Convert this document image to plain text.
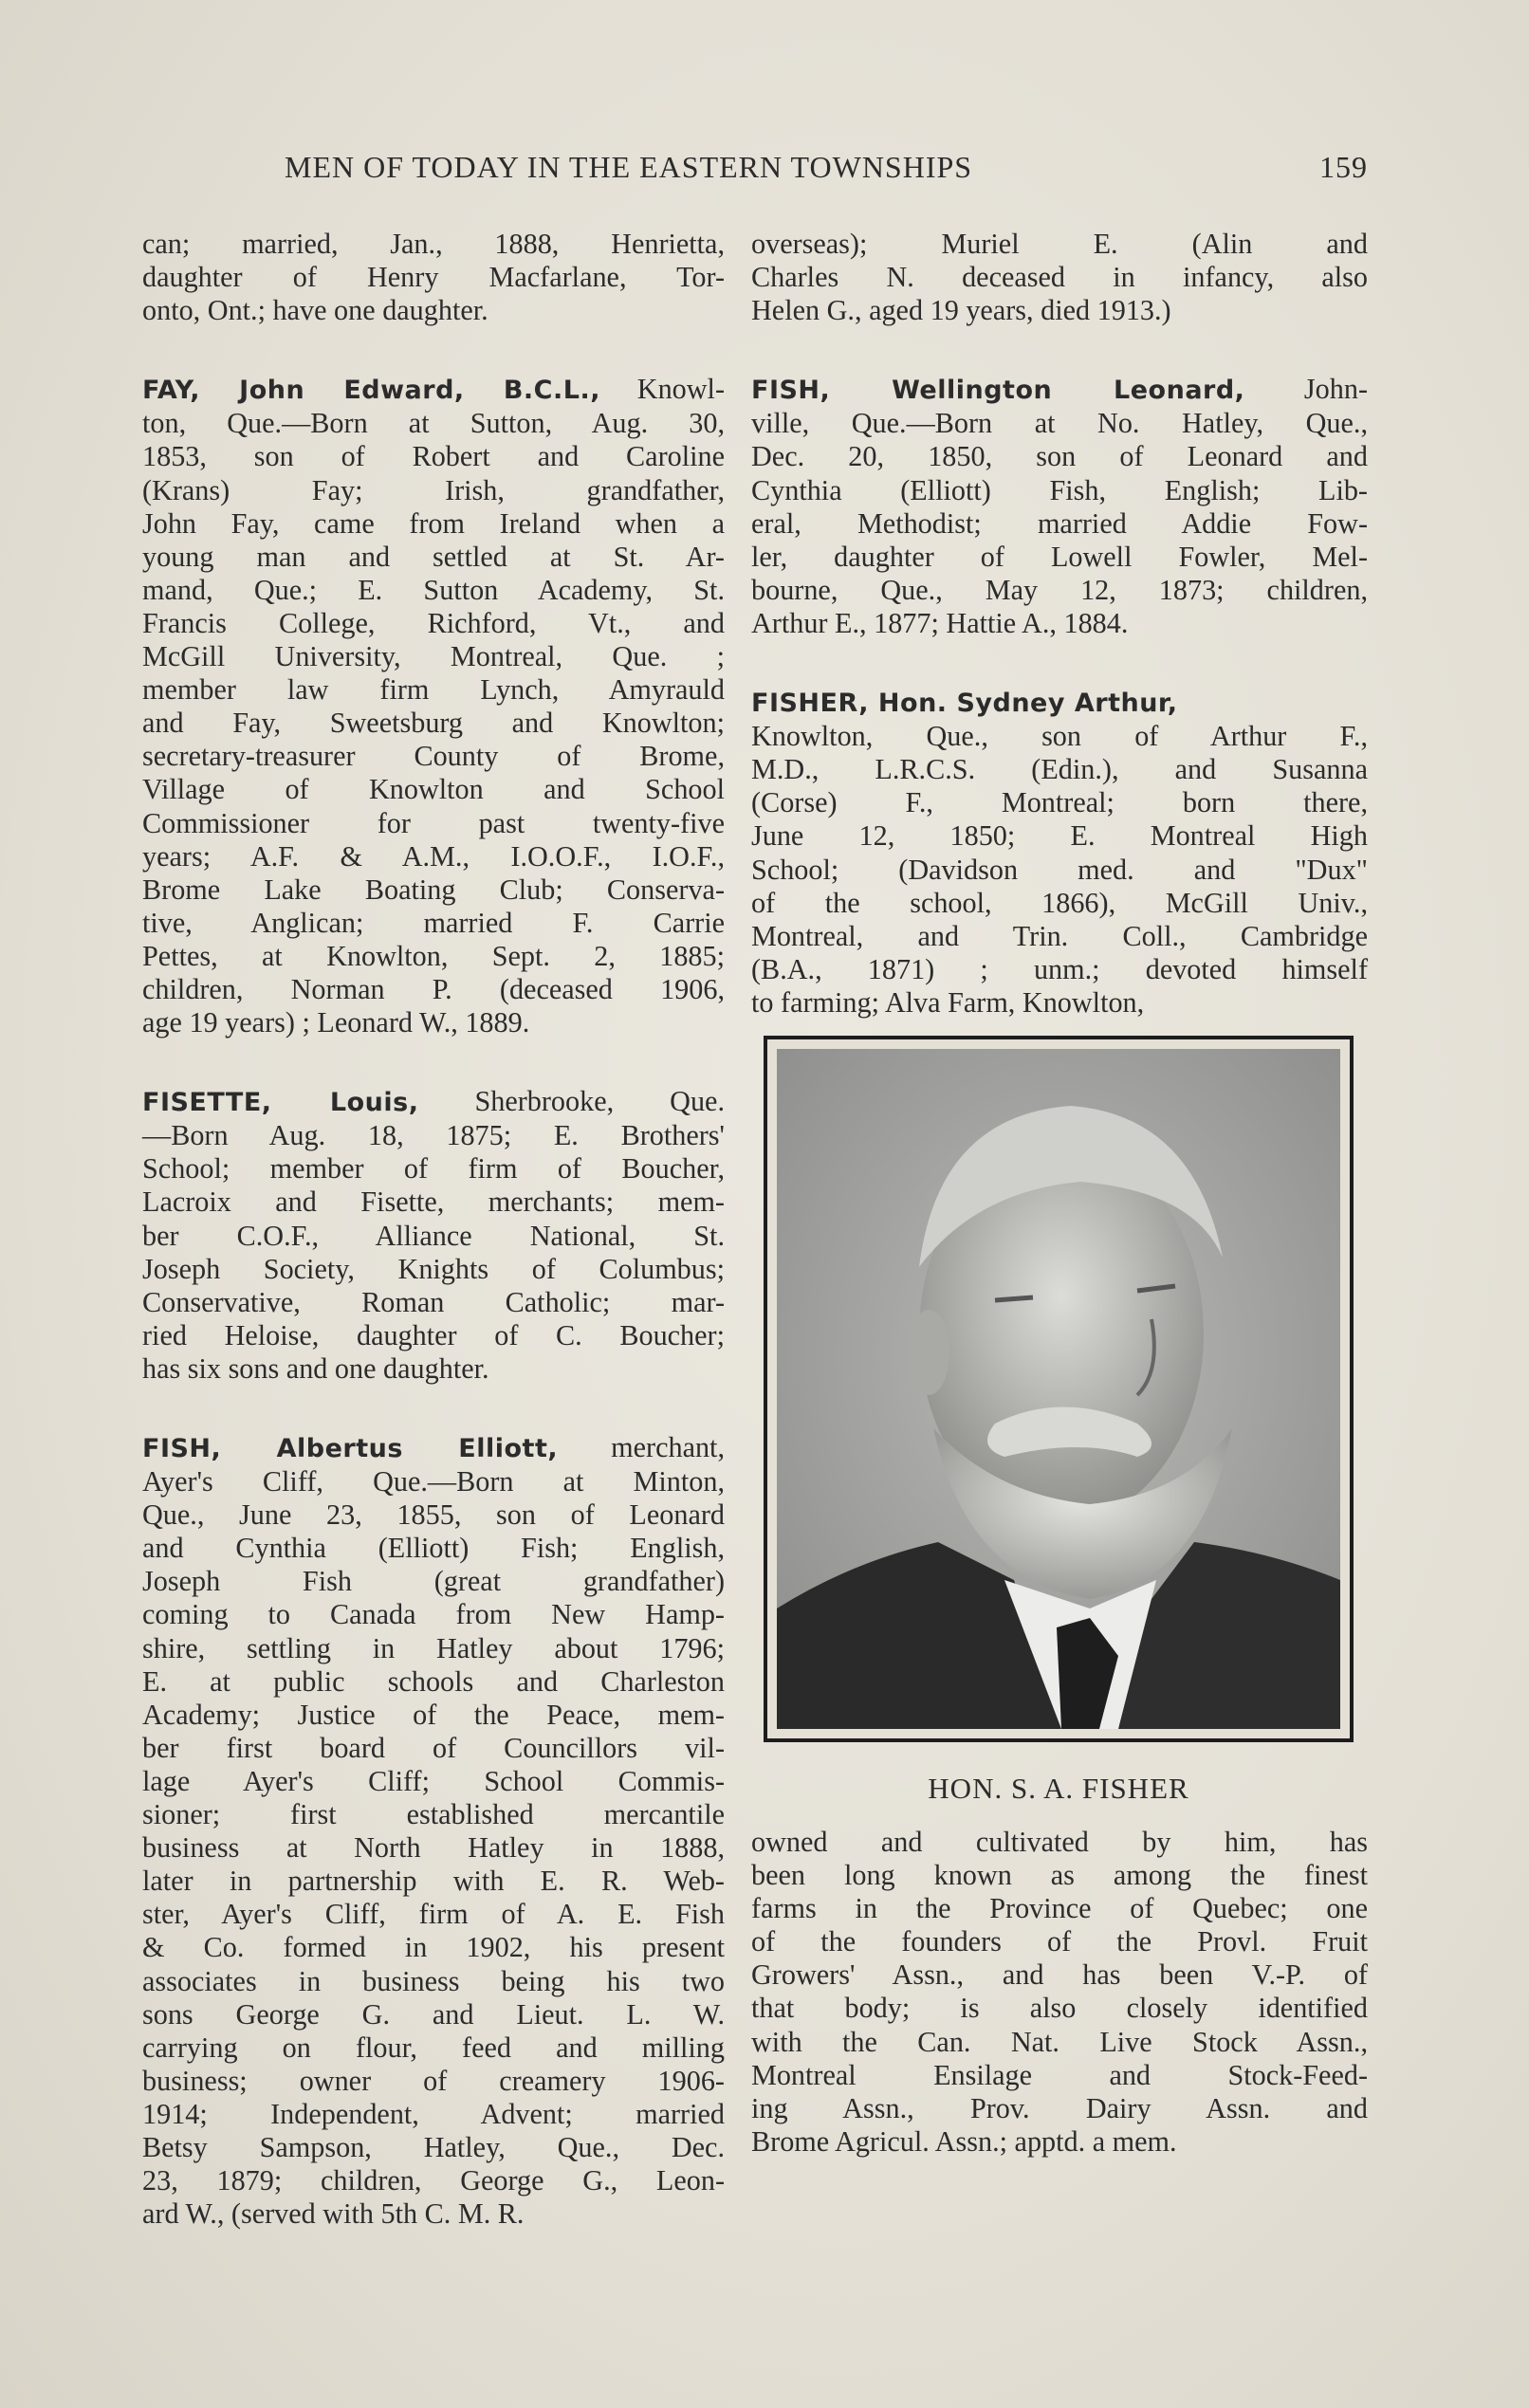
MEN OF TODAY IN THE EASTERN TOWNSHIPS	159
can; married, Jan., 1888, Henrietta,
daughter of Henry Macfarlane, Tor-
onto, Ont.; have one daughter.
FAY, John Edward, B.C.L., Knowl-
ton, Que.—Born at Sutton, Aug. 30,
1853, son of Robert and Caroline
(Krans) Fay; Irish, grandfather,
John Fay, came from Ireland when a
young man and settled at St. Ar-
mand, Que.; E. Sutton Academy, St.
Francis College, Richford, Vt., and
McGill University, Montreal, Que. ;
member law firm Lynch, Amyrauld
and Fay, Sweetsburg and Knowlton;
secretary-treasurer County of Brome,
Village of Knowlton and School
Commissioner for past twenty-five
years; A.F. & A.M., I.O.O.F., I.O.F.,
Brome Lake Boating Club; Conserva-
tive, Anglican; married F. Carrie
Pettes, at Knowlton, Sept. 2, 1885;
children, Norman P. (deceased 1906,
age 19 years) ; Leonard W., 1889.
FISETTE, Louis, Sherbrooke, Que.
—Born Aug. 18, 1875; E. Brothers'
School; member of firm of Boucher,
Lacroix and Fisette, merchants; mem-
ber C.O.F., Alliance National, St.
Joseph Society, Knights of Columbus;
Conservative, Roman Catholic; mar-
ried Heloise, daughter of C. Boucher;
has six sons and one daughter.
FISH, Albertus Elliott, merchant,
Ayer's Cliff, Que.—Born at Minton,
Que., June 23, 1855, son of Leonard
and Cynthia (Elliott) Fish; English,
Joseph Fish (great grandfather)
coming to Canada from New Hamp-
shire, settling in Hatley about 1796;
E. at public schools and Charleston
Academy; Justice of the Peace, mem-
ber first board of Councillors vil-
lage Ayer's Cliff; School Commis-
sioner; first established mercantile
business at North Hatley in 1888,
later in partnership with E. R. Web-
ster, Ayer's Cliff, firm of A. E. Fish
& Co. formed in 1902, his present
associates in business being his two
sons George G. and Lieut. L. W.
carrying on flour, feed and milling
business; owner of creamery 1906-
1914; Independent, Advent; married
Betsy Sampson, Hatley, Que., Dec.
23, 1879; children, George G., Leon-
ard W., (served with 5th C. M. R.
overseas); Muriel E. (Alin and
Charles N. deceased in infancy, also
Helen G., aged 19 years, died 1913.)
FISH, Wellington Leonard, John-
ville, Que.—Born at No. Hatley, Que.,
Dec. 20, 1850, son of Leonard and
Cynthia (Elliott) Fish, English; Lib-
eral, Methodist; married Addie Fow-
ler, daughter of Lowell Fowler, Mel-
bourne, Que., May 12, 1873; children,
Arthur E., 1877; Hattie A., 1884.
FISHER, Hon. Sydney Arthur,
Knowlton, Que., son of Arthur F.,
M.D., L.R.C.S. (Edin.), and Susanna
(Corse) F., Montreal; born there,
June 12, 1850; E. Montreal High
School; (Davidson med. and "Dux"
of the school, 1866), McGill Univ.,
Montreal, and Trin. Coll., Cambridge
(B.A., 1871) ; unm.; devoted himself
to farming; Alva Farm, Knowlton,
HON. S. A. FISHER
owned and cultivated by him, has
been long known as among the finest
farms in the Province of Quebec; one
of the founders of the Provl. Fruit
Growers' Assn., and has been V.-P. of
that body; is also closely identified
with the Can. Nat. Live Stock Assn.,
Montreal Ensilage and Stock-Feed-
ing Assn., Prov. Dairy Assn. and
Brome Agricul. Assn.; apptd. a mem.
